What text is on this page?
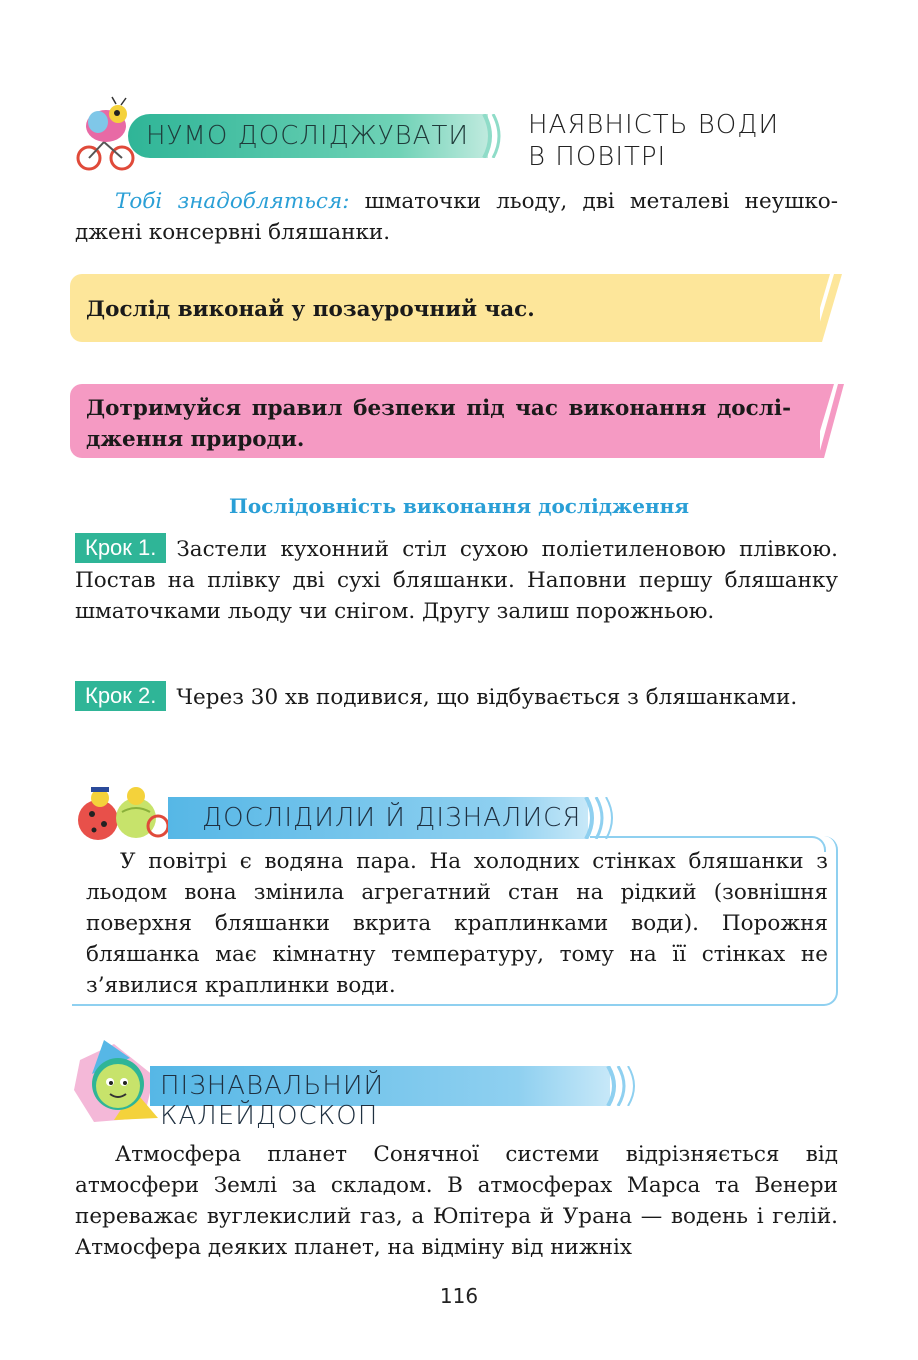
НУМО ДОСЛІДЖУВАТИ НАЯВНІСТЬ ВОДИ
В ПОВІТРІ

Тобі знадобляться: шматочки льоду, дві металеві неушкоджені консервні бляшанки.

Дослід виконай у позаурочний час.
Дотримуйся правил безпеки під час виконання дослідження природи.
Послідовність виконання дослідження

Крок 1. Застели кухонний стіл сухою поліетиленовою плівкою. Постав на плівку дві сухі бляшанки. Наповни першу бляшанку шматочками льоду чи снігом. Другу залиш порожньою.

Крок 2. Через 30 хв подивися, що відбувається з бляшанками.

ДОСЛІДИЛИ Й ДІЗНАЛИСЯ

У повітрі є водяна пара. На холодних стінках бляшанки з льодом вона змінила агрегатний стан на рідкий (зовнішня поверхня бляшанки вкрита краплинками води). Порожня бляшанка має кімнатну температуру, тому на її стінках не з’явилися краплинки води.

ПІЗНАВАЛЬНИЙ КАЛЕЙДОСКОП

Атмосфера планет Сонячної системи відрізняється від атмосфери Землі за складом. В атмосферах Марса та Венери переважає вуглекислий газ, а Юпітера й Урана — водень і гелій. Атмосфера деяких планет, на відміну від нижніх

116
